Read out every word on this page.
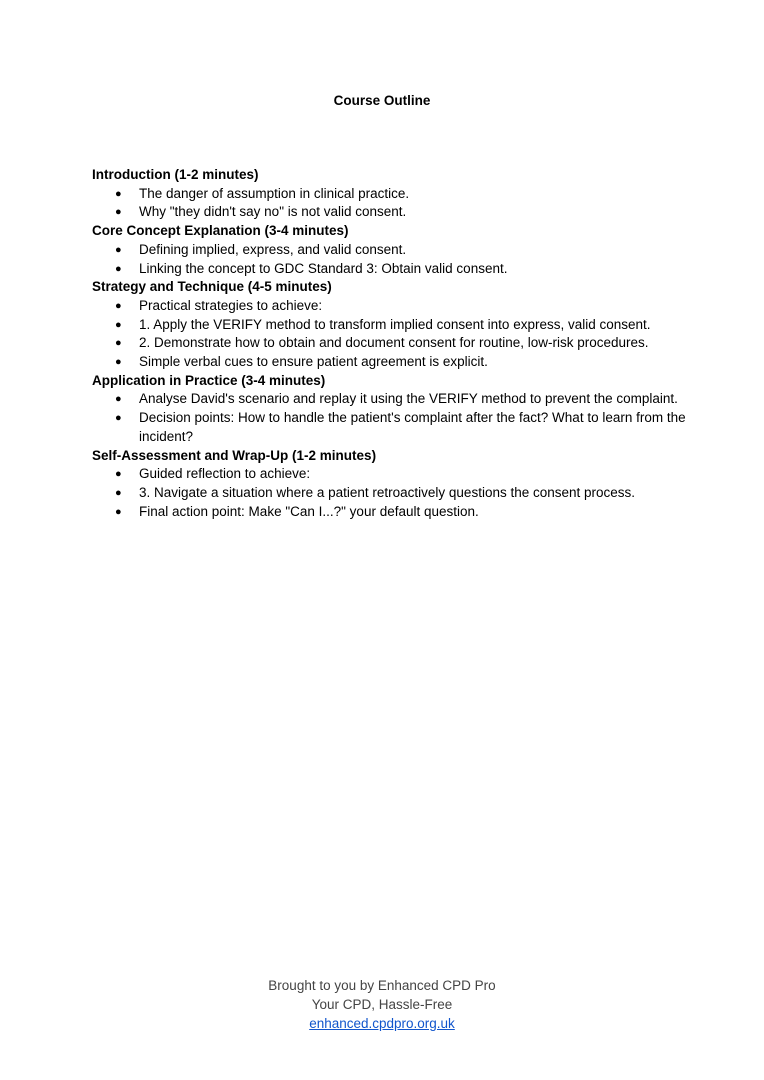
Course Outline

Introduction (1-2 minutes)

● The danger of assumption in clinical practice.
● Why "they didn't say no" is not valid consent.

Core Concept Explanation (3-4 minutes)

● Defining implied, express, and valid consent.
● Linking the concept to GDC Standard 3: Obtain valid consent.

Strategy and Technique (4-5 minutes)

● Practical strategies to achieve:
● 1. Apply the VERIFY method to transform implied consent into express, valid consent.
● 2. Demonstrate how to obtain and document consent for routine, low-risk procedures.
● Simple verbal cues to ensure patient agreement is explicit.

Application in Practice (3-4 minutes)

● Analyse David's scenario and replay it using the VERIFY method to prevent the complaint.
● Decision points: How to handle the patient's complaint after the fact? What to learn from the incident?

Self-Assessment and Wrap-Up (1-2 minutes)

● Guided reflection to achieve:
● 3. Navigate a situation where a patient retroactively questions the consent process.
● Final action point: Make "Can I...?" your default question.
Brought to you by Enhanced CPD Pro
Your CPD, Hassle-Free
enhanced.cpdpro.org.uk
